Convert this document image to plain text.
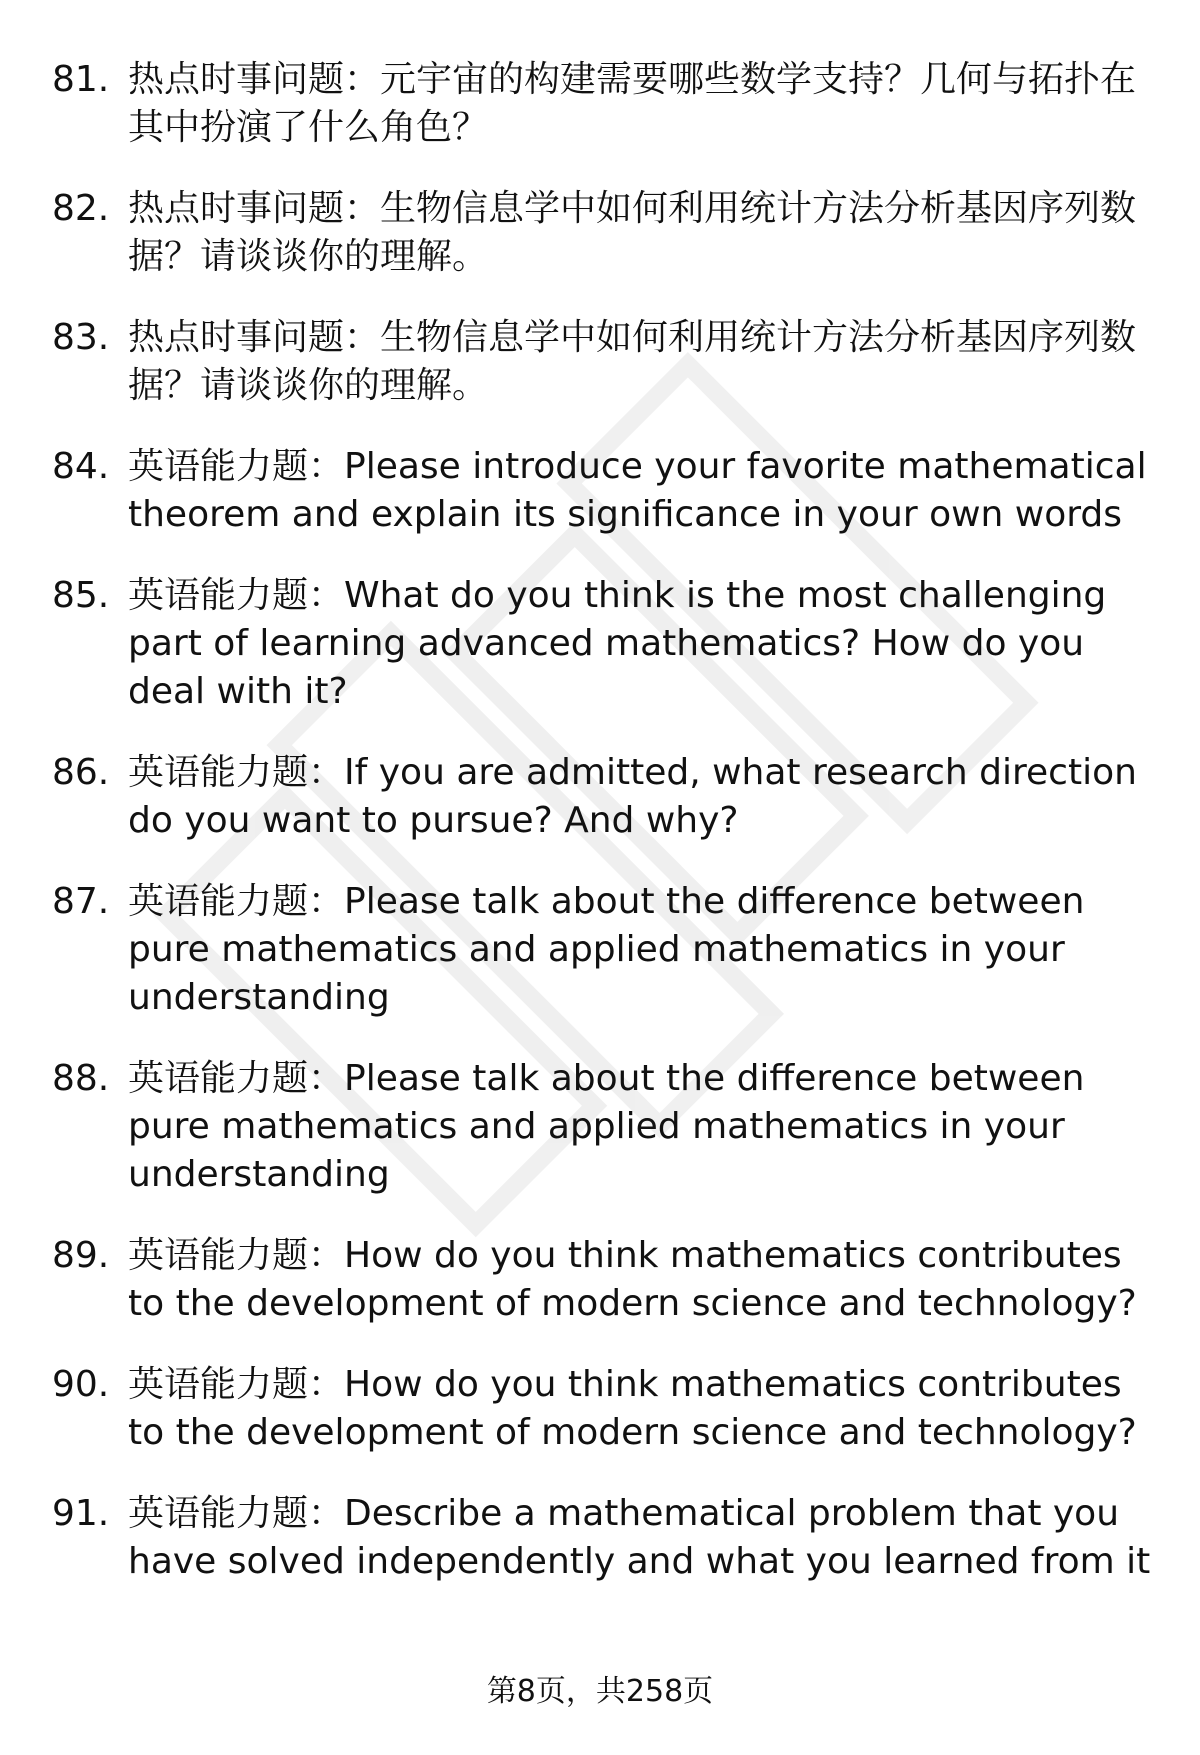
81. 热点时事问题：元宇宙的构建需要哪些数学支持？几何与拓扑在其中扮演了什么角色？
82. 热点时事问题：生物信息学中如何利用统计方法分析基因序列数据？请谈谈你的理解。
83. 热点时事问题：生物信息学中如何利用统计方法分析基因序列数据？请谈谈你的理解。
84. 英语能力题：Please introduce your favorite mathematical theorem and explain its significance in your own words
85. 英语能力题：What do you think is the most challenging part of learning advanced mathematics? How do you deal with it?
86. 英语能力题：If you are admitted, what research direction do you want to pursue? And why?
87. 英语能力题：Please talk about the difference between pure mathematics and applied mathematics in your understanding
88. 英语能力题：Please talk about the difference between pure mathematics and applied mathematics in your understanding
89. 英语能力题：How do you think mathematics contributes to the development of modern science and technology?
90. 英语能力题：How do you think mathematics contributes to the development of modern science and technology?
91. 英语能力题：Describe a mathematical problem that you have solved independently and what you learned from it
第8页，共258页
